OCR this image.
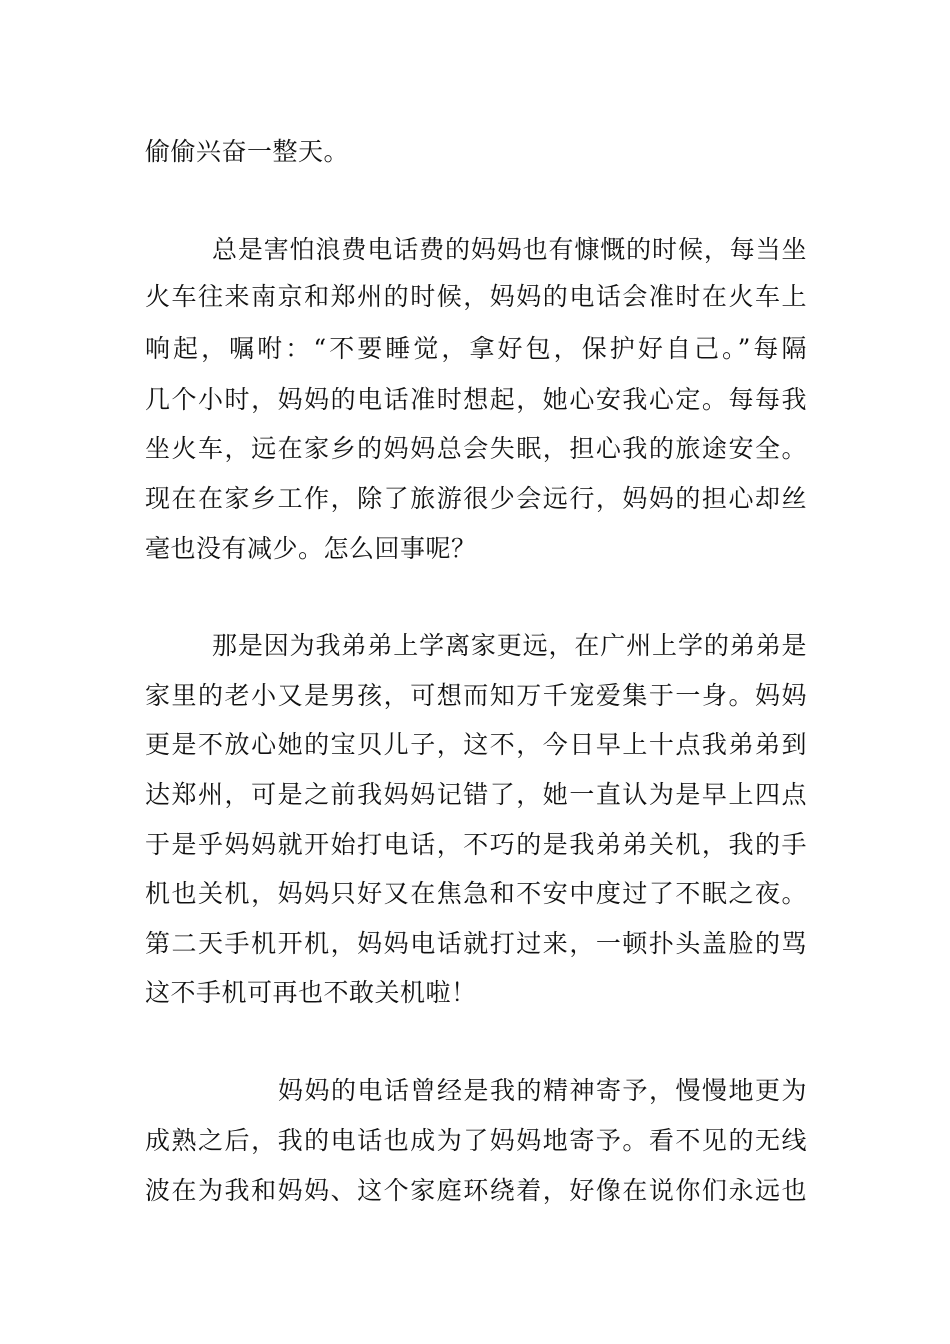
偷偷兴奋一整天。
总是害怕浪费电话费的妈妈也有慷慨的时候，每当坐
火车往来南京和郑州的时候，妈妈的电话会准时在火车上
响起，嘱咐：“不要睡觉，拿好包，保护好自己。”每隔
几个小时，妈妈的电话准时想起，她心安我心定。每每我
坐火车，远在家乡的妈妈总会失眠，担心我的旅途安全。
现在在家乡工作，除了旅游很少会远行，妈妈的担心却丝
毫也没有减少。怎么回事呢？
那是因为我弟弟上学离家更远，在广州上学的弟弟是
家里的老小又是男孩，可想而知万千宠爱集于一身。妈妈
更是不放心她的宝贝儿子，这不，今日早上十点我弟弟到
达郑州，可是之前我妈妈记错了，她一直认为是早上四点
于是乎妈妈就开始打电话，不巧的是我弟弟关机，我的手
机也关机，妈妈只好又在焦急和不安中度过了不眠之夜。
第二天手机开机，妈妈电话就打过来，一顿扑头盖脸的骂
这不手机可再也不敢关机啦！
妈妈的电话曾经是我的精神寄予，慢慢地更为
成熟之后，我的电话也成为了妈妈地寄予。看不见的无线
波在为我和妈妈、这个家庭环绕着，好像在说你们永远也
